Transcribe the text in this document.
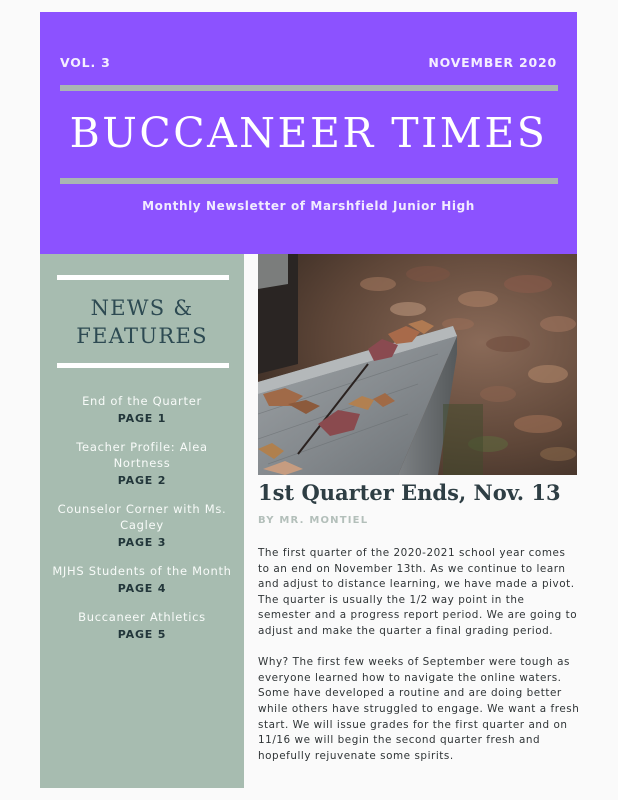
VOL. 3	NOVEMBER 2020
BUCCANEER TIMES
Monthly Newsletter of Marshfield Junior High
NEWS &
FEATURES
End of the Quarter
PAGE 1
Teacher Profile: Alea Nortness
PAGE 2
Counselor Corner with Ms. Cagley
PAGE 3
MJHS Students of the Month
PAGE 4
Buccaneer Athletics
PAGE 5
1st Quarter Ends, Nov. 13
BY MR. MONTIEL

The first quarter of the 2020-2021 school year comes to an end on November 13th. As we continue to learn and adjust to distance learning, we have made a pivot. The quarter is usually the 1/2 way point in the semester and a progress report period. We are going to adjust and make the quarter a final grading period.

Why? The first few weeks of September were tough as everyone learned how to navigate the online waters. Some have developed a routine and are doing better while others have struggled to engage. We want a fresh start. We will issue grades for the first quarter and on 11/16 we will begin the second quarter fresh and hopefully rejuvenate some spirits.
